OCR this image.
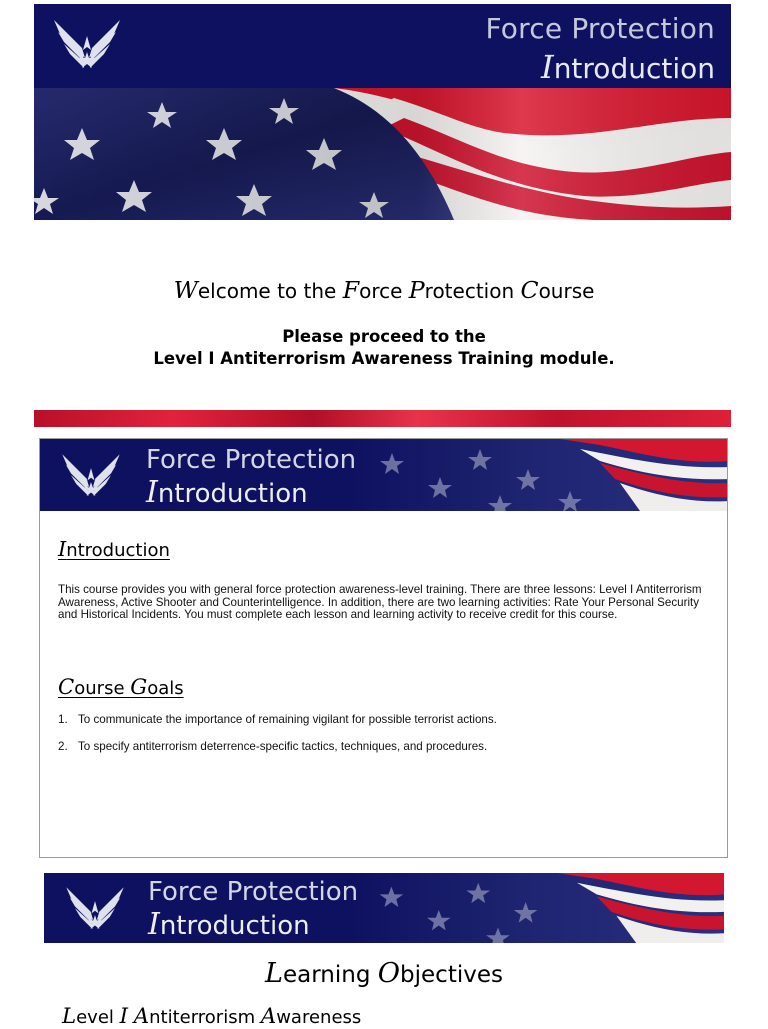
Force Protection
Introduction
Welcome to the Force Protection Course
Please proceed to the
Level I Antiterrorism Awareness Training module.
Force Protection
Introduction
Introduction
This course provides you with general force protection awareness-level training. There are three lessons: Level I Antiterrorism Awareness, Active Shooter and Counterintelligence. In addition, there are two learning activities: Rate Your Personal Security and Historical Incidents. You must complete each lesson and learning activity to receive credit for this course.
Course Goals
1. To communicate the importance of remaining vigilant for possible terrorist actions.
2. To specify antiterrorism deterrence-specific tactics, techniques, and procedures.
Force Protection
Introduction
Learning Objectives
Level I Antiterrorism Awareness
